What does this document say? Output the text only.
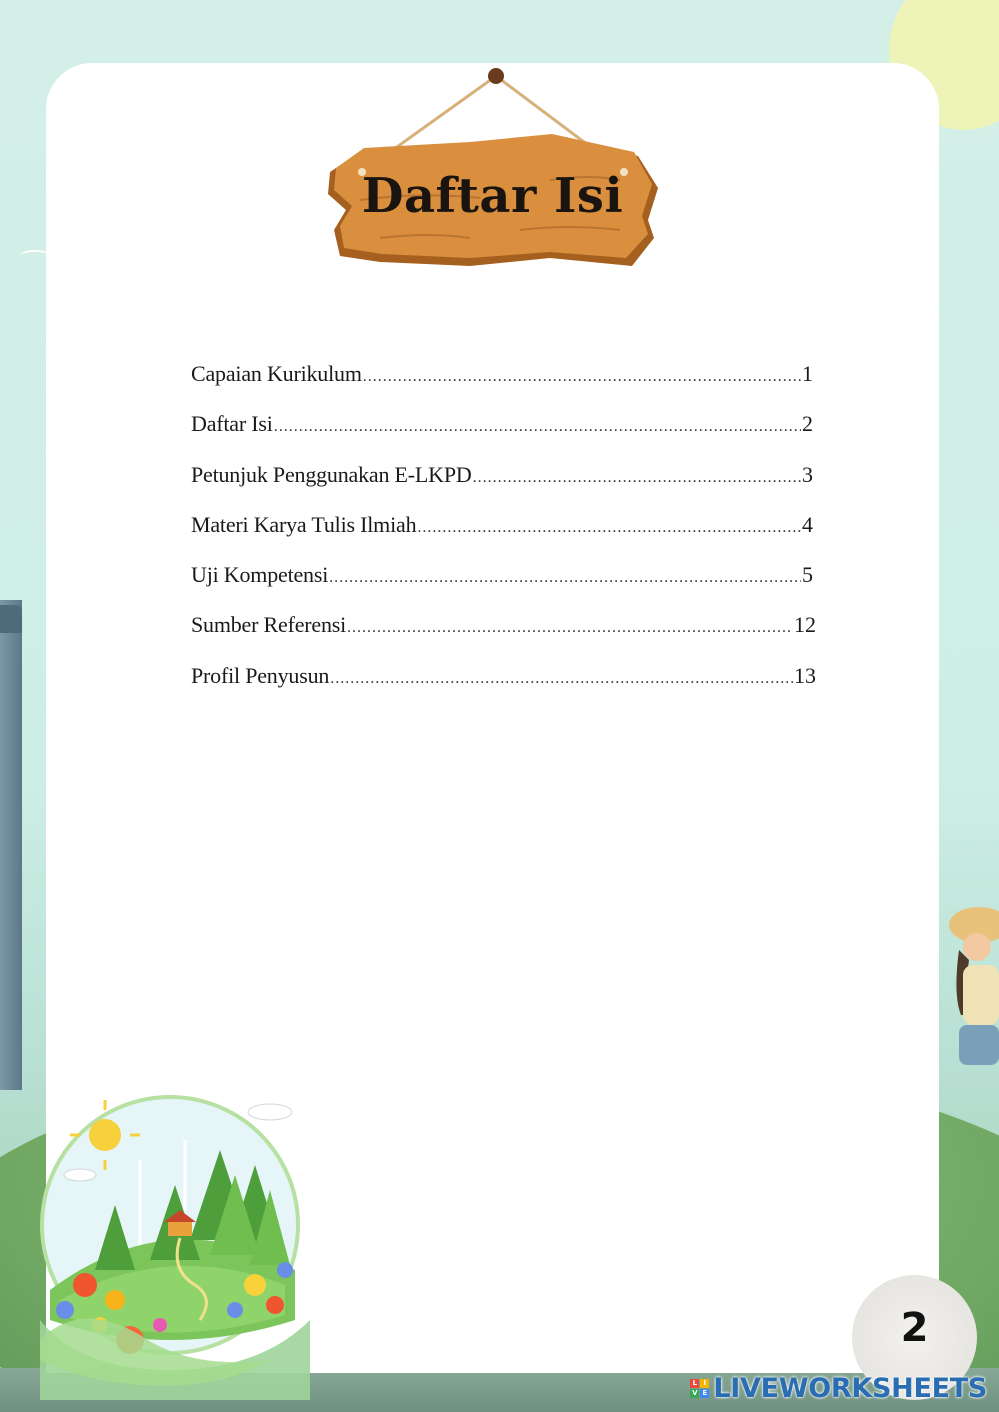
Daftar Isi
Capaian Kurikulum .....	1
Daftar Isi .....	2
Petunjuk Penggunakan E-LKPD .....	3
Materi Karya Tulis Ilmiah .....	4
Uji Kompetensi .....	5
Sumber Referensi .....	12
Profil Penyusun .....	13
2
L I
V E LIVEWORKSHEETS
